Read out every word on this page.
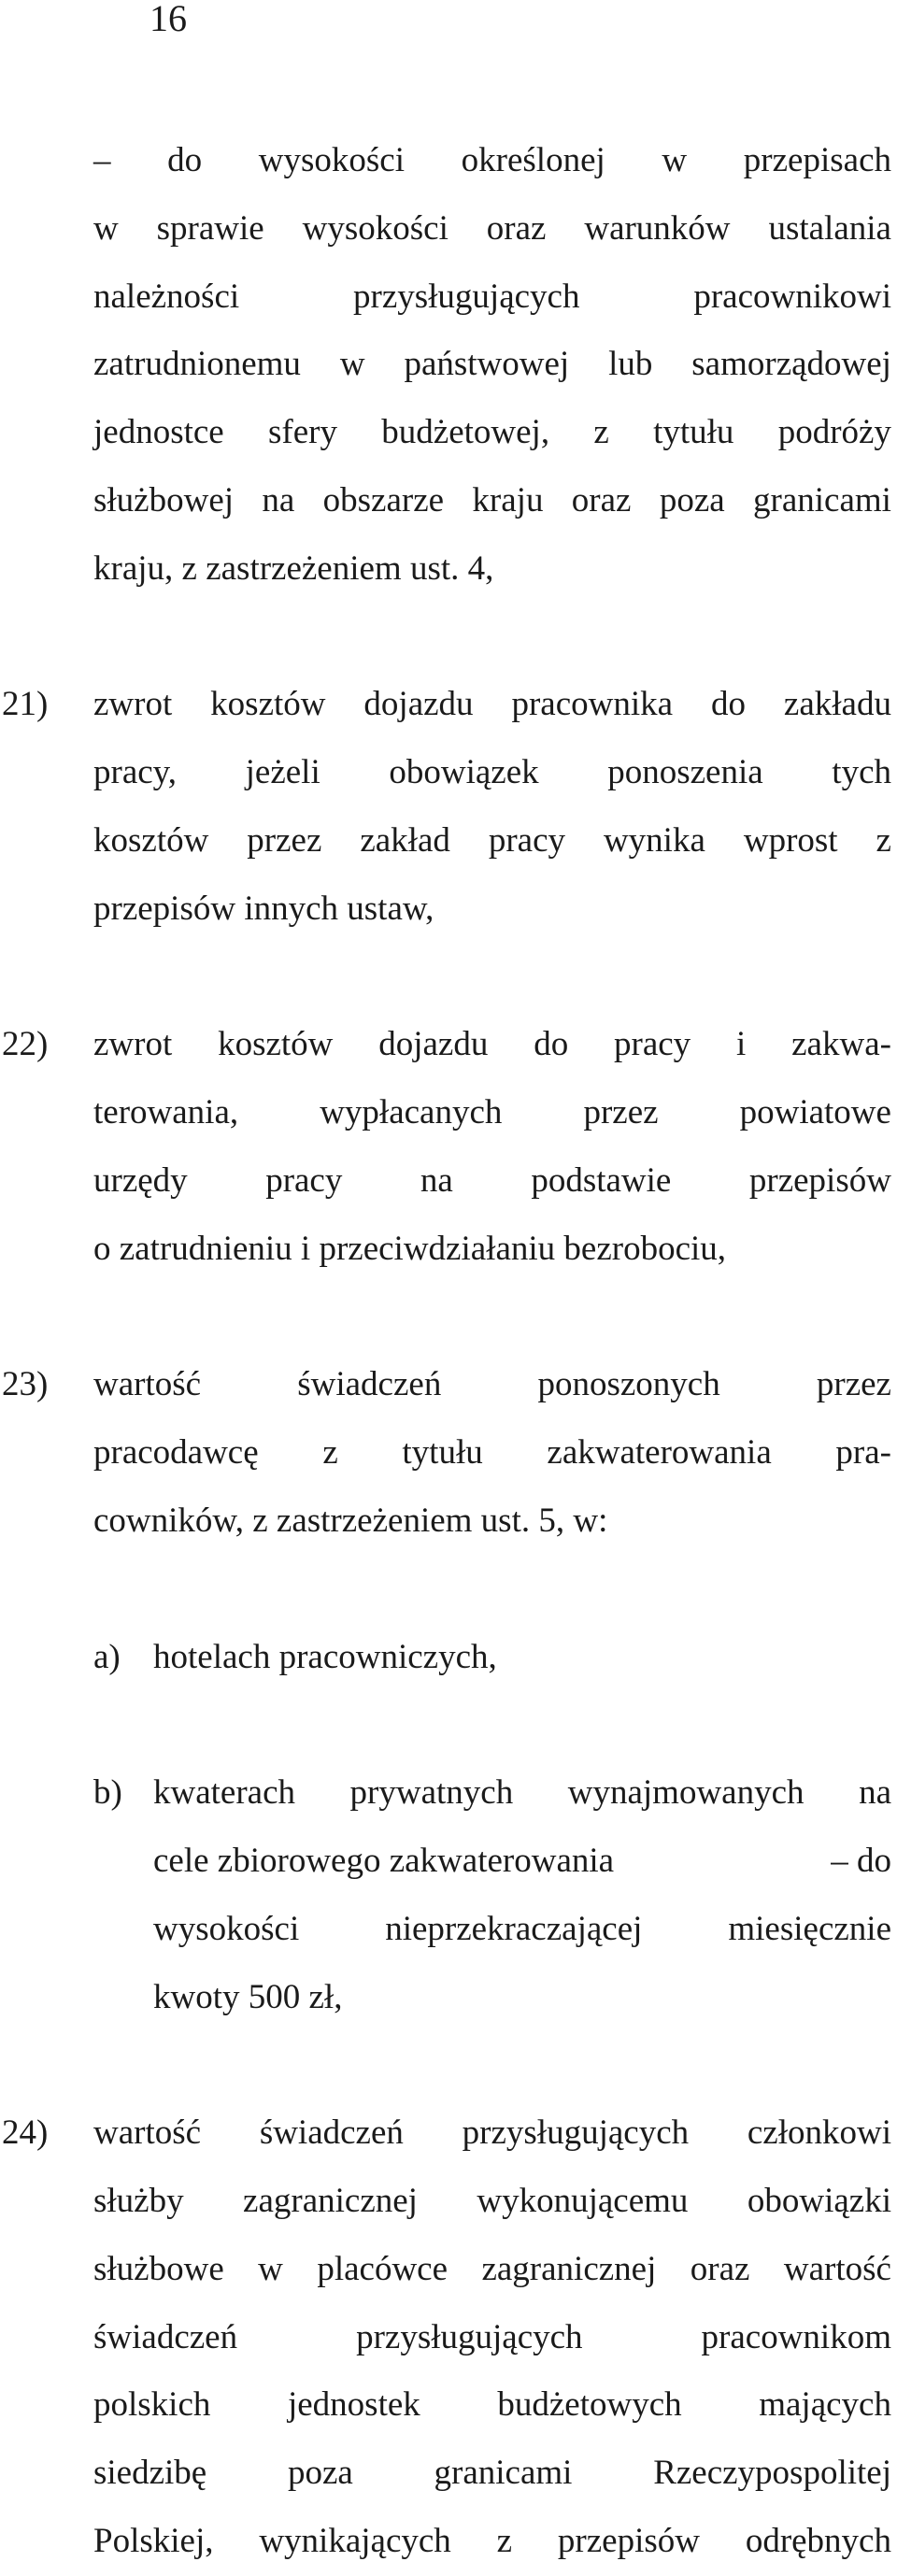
16
– do wysokości określonej w przepisach
w sprawie wysokości oraz warunków ustalania
należności	przysługujących	pracownikowi
zatrudnionemu w państwowej lub samorządowej
jednostce sfery budżetowej, z tytułu podróży
służbowej na obszarze kraju oraz poza granicami
kraju, z zastrzeżeniem ust. 4,
21) zwrot kosztów dojazdu pracownika do zakładu
pracy, jeżeli obowiązek ponoszenia tych
kosztów przez zakład pracy wynika wprost z
przepisów innych ustaw,
22) zwrot kosztów dojazdu do pracy i zakwa-
terowania, wypłacanych przez powiatowe
urzędy pracy na podstawie przepisów
o zatrudnieniu i przeciwdziałaniu bezrobociu,
23) wartość	świadczeń	ponoszonych	przez
pracodawcę z tytułu zakwaterowania pra-
cowników, z zastrzeżeniem ust. 5, w:
a) hotelach pracowniczych,
b) kwaterach prywatnych wynajmowanych na
cele zbiorowego zakwaterowania	– do
wysokości nieprzekraczającej miesięcznie
kwoty 500 zł,
24) wartość świadczeń przysługujących członkowi
służby zagranicznej wykonującemu obowiązki
służbowe w placówce zagranicznej oraz wartość
świadczeń	przysługujących	pracownikom
polskich jednostek budżetowych mających
siedzibę poza granicami Rzeczypospolitej
Polskiej, wynikających z przepisów odrębnych
